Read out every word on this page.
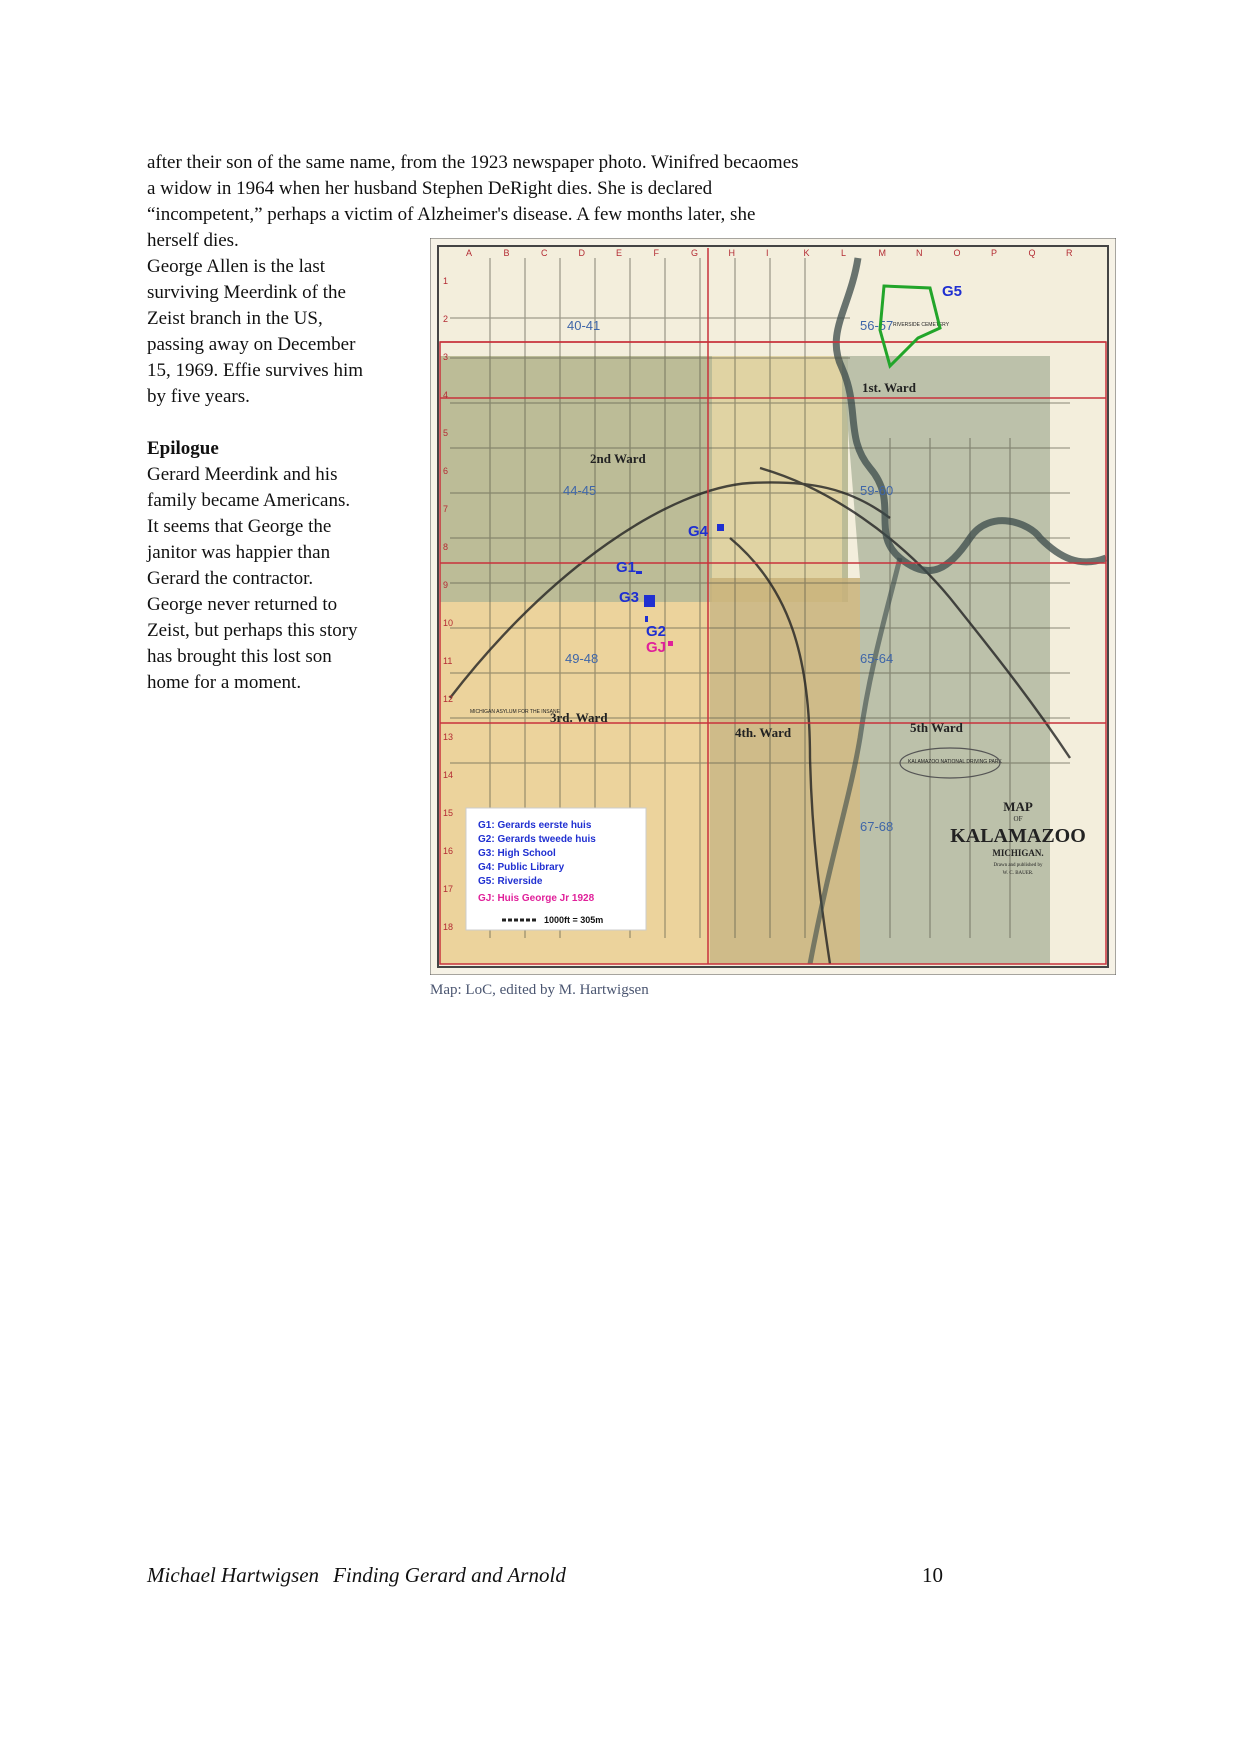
after their son of the same name, from the 1923 newspaper photo. Winifred becaomes
a widow in 1964 when her husband Stephen DeRight dies. She is declared
“incompetent,” perhaps a victim of Alzheimer's disease. A few months later, she
herself dies.
George Allen is the last
surviving Meerdink of the
Zeist branch in the US,
passing away on December
15, 1969. Effie survives him
by five years.
Epilogue
Gerard Meerdink and his
family became Americans.
It seems that George the
janitor was happier than
Gerard the contractor.
George never returned to
Zeist, but perhaps this story
has brought this lost son
home for a moment.
A	B	C	D	E	F	G	H	I	K	L	M	N	O	P	Q	R
1
2
3
4
5
6
7
8
9
10
11
12
13
14
15
16
17
18
40-41	56-57
44-45	59-60
49-48	65-64
67-68
1st. Ward
2nd Ward
3rd. Ward
4th. Ward	5th Ward
RIVERSIDE CEMETERY
KALAMAZOO NATIONAL DRIVING PARK
MICHIGAN ASYLUM FOR THE INSANE
G5
G4
G1
G3
G2
GJ
MAP
OF
KALAMAZOO
MICHIGAN.
Drawn and published by
W. C. BAUER.
G1: Gerards eerste huis
G2: Gerards tweede huis
G3: High School
G4: Public Library
G5: Riverside
GJ: Huis George Jr 1928
1000ft = 305m
Map: LoC, edited by M. Hartwigsen
Michael Hartwigsen Finding Gerard and Arnold	10
